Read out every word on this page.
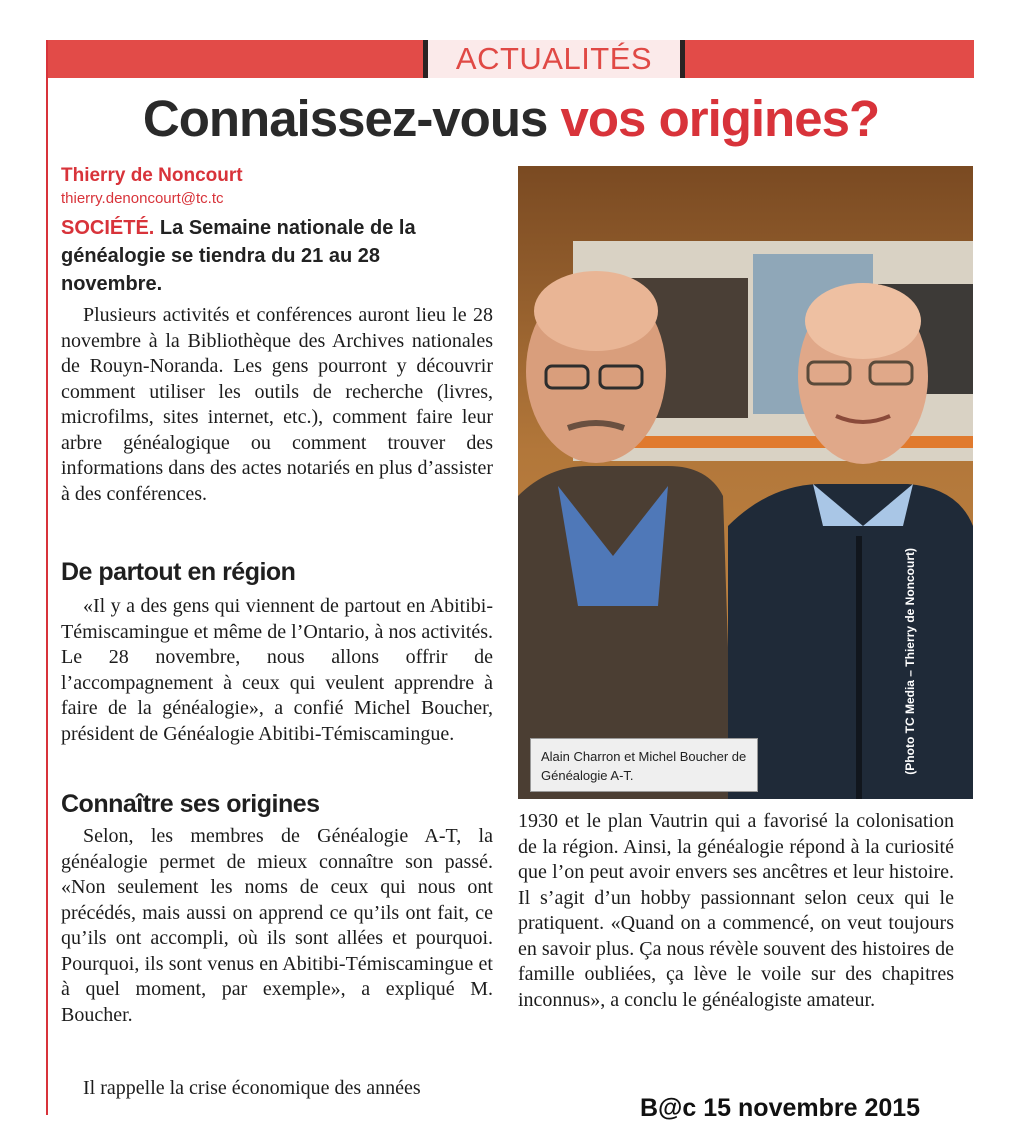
ACTUALITÉS
Connaissez-vous vos origines?
Thierry de Noncourt
thierry.denoncourt@tc.tc
SOCIÉTÉ. La Semaine nationale de la généalogie se tiendra du 21 au 28 novembre.

Plusieurs activités et conférences auront lieu le 28 novembre à la Bibliothèque des Archives nationales de Rouyn-Noranda. Les gens pourront y découvrir comment utiliser les outils de recherche (livres, microfilms, sites internet, etc.), comment faire leur arbre généalogique ou comment trouver des informations dans des actes notariés en plus d’assister à des conférences.

De partout en région

«Il y a des gens qui viennent de partout en Abitibi-Témiscamingue et même de l’Ontario, à nos activités. Le 28 novembre, nous allons offrir de l’accompagnement à ceux qui veulent apprendre à faire de la généalogie», a confié Michel Boucher, président de Généalogie Abitibi-Témiscamingue.

Connaître ses origines

Selon, les membres de Généalogie A-T, la généalogie permet de mieux connaître son passé. «Non seulement les noms de ceux qui nous ont précédés, mais aussi on apprend ce qu’ils ont fait, ce qu’ils ont accompli, où ils sont allées et pourquoi. Pourquoi, ils sont venus en Abitibi-Témiscamingue et à quel moment, par exemple», a expliqué M. Boucher.

Il rappelle la crise économique des années

1930 et le plan Vautrin qui a favorisé la colonisation de la région. Ainsi, la généalogie répond à la curiosité que l’on peut avoir envers ses ancêtres et leur histoire. Il s’agit d’un hobby passionnant selon ceux qui le pratiquent. «Quand on a commencé, on veut toujours en savoir plus. Ça nous révèle souvent des histoires de famille oubliées, ça lève le voile sur des chapitres inconnus», a conclu le généalogiste amateur.

Alain Charron et Michel Boucher de Généalogie A-T.
(Photo TC Media – Thierry de Noncourt)
B@c 15 novembre 2015
